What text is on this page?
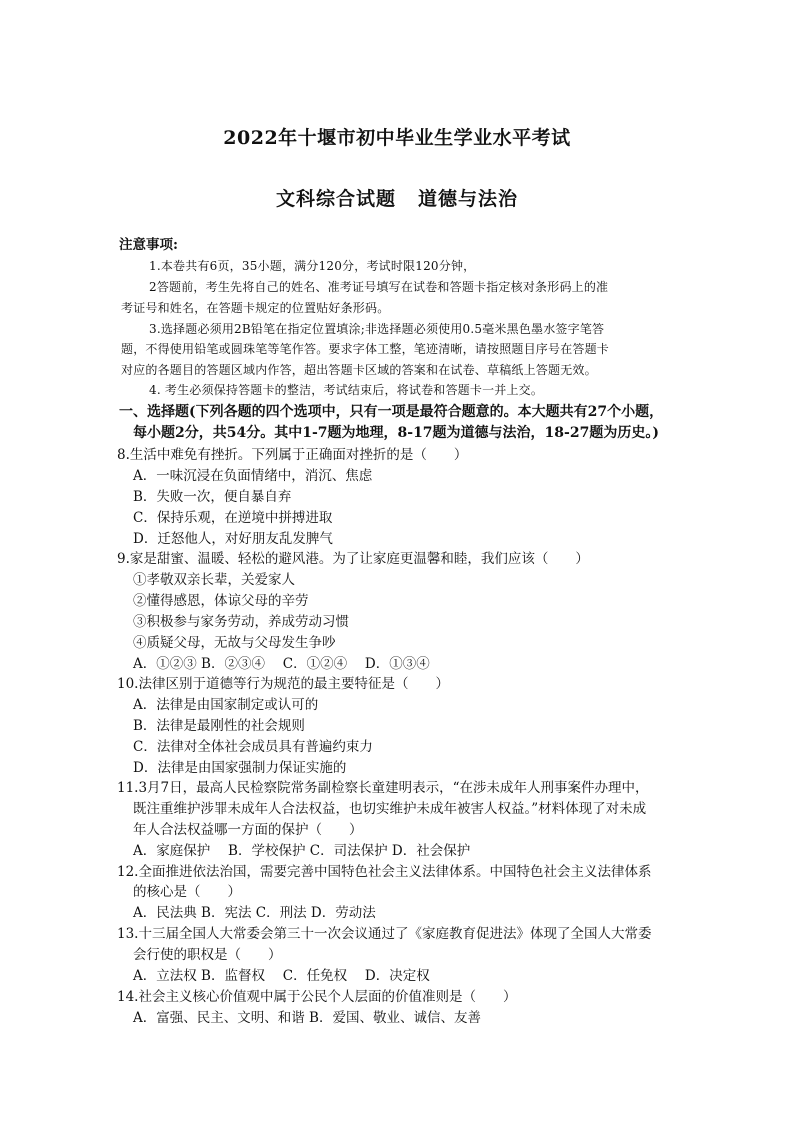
2022年十堰市初中毕业生学业水平考试
文科综合试题 道德与法治
注意事项:
1.本卷共有6页，35小题，满分120分，考试时限120分钟，
2答题前，考生先将自己的姓名、准考证号填写在试卷和答题卡指定核对条形码上的准
考证号和姓名，在答题卡规定的位置贴好条形码。
3.选择题必须用2B铅笔在指定位置填涂;非选择题必须使用0.5毫米黑色墨水签字笔答
题，不得使用铅笔或圆珠笔等笔作答。要求字体工整，笔迹清晰，请按照题目序号在答题卡
对应的各题目的答题区域内作答，超出答题卡区域的答案和在试卷、草稿纸上答题无效。
4. 考生必须保持答题卡的整洁，考试结束后，将试卷和答题卡一并上交。
一、选择题(下列各题的四个选项中，只有一项是最符合题意的。本大题共有27个小题，
每小题2分，共54分。其中1-7题为地理，8-17题为道德与法治，18-27题为历史。)
8.生活中难免有挫折。下列属于正确面对挫折的是（　　）
A．一味沉浸在负面情绪中，消沉、焦虑
B．失败一次，便自暴自弃
C．保持乐观，在逆境中拼搏进取
D．迁怒他人，对好朋友乱发脾气
9.家是甜蜜、温暖、轻松的避风港。为了让家庭更温馨和睦，我们应该（　　）
①孝敬双亲长辈，关爱家人
②懂得感恩，体谅父母的辛劳
③积极参与家务劳动，养成劳动习惯
④质疑父母，无故与父母发生争吵
A．①②③ B．②③④　 C．①②④　 D．①③④
10.法律区别于道德等行为规范的最主要特征是（　　）
A．法律是由国家制定或认可的
B．法律是最刚性的社会规则
C．法律对全体社会成员具有普遍约束力
D．法律是由国家强制力保证实施的
11.3月7日，最高人民检察院常务副检察长童建明表示，“在涉未成年人刑事案件办理中，
既注重维护涉罪未成年人合法权益，也切实维护未成年被害人权益。”材料体现了对未成
年人合法权益哪一方面的保护（　　）
A．家庭保护　 B．学校保护 C．司法保护 D．社会保护
12.全面推进依法治国，需要完善中国特色社会主义法律体系。中国特色社会主义法律体系
的核心是（　　）
A．民法典 B．宪法 C．刑法 D．劳动法
13.十三届全国人大常委会第三十一次会议通过了《家庭教育促进法》体现了全国人大常委
会行使的职权是（　　）
A．立法权 B．监督权　 C．任免权　 D．决定权
14.社会主义核心价值观中属于公民个人层面的价值准则是（　　）
A．富强、民主、文明、和谐 B．爱国、敬业、诚信、友善
